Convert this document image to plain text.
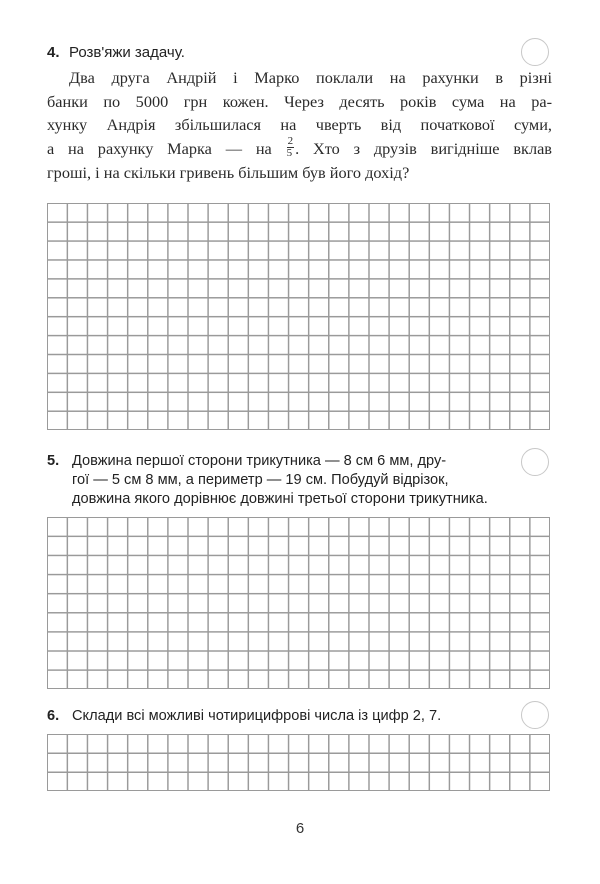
4. Розв'яжи задачу.
Два друга Андрій і Марко поклали на рахунки в різні
банки по 5000 грн кожен. Через десять років сума на ра-
хунку Андрія збільшилася на чверть від початкової суми,
а на рахунку Марка — на $\frac{2}{5}$ . Хто з друзів вигідніше вклав
гроші, і на скільки гривень більшим був його дохід?
5. Довжина першої сторони трикутника — 8 см 6 мм, дру-
гої — 5 см 8 мм, а периметр — 19 см. Побудуй відрізок,
довжина якого дорівнює довжині третьої сторони трикутника.
6. Склади всі можливі чотирицифрові числа із цифр 2, 7.
6
